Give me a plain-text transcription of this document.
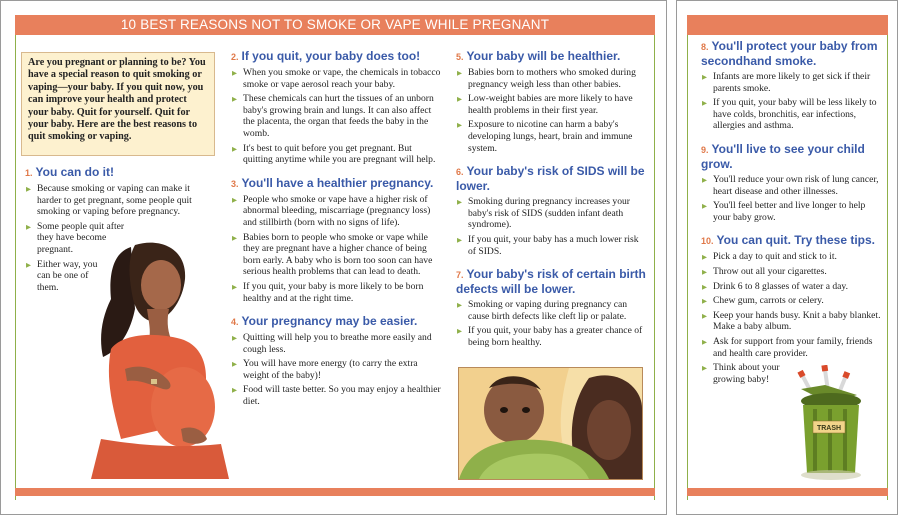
10 BEST REASONS NOT TO SMOKE OR VAPE WHILE PREGNANT
Are you pregnant or planning to be? You have a special reason to quit smoking or vaping—your baby. If you quit now, you can improve your health and protect your baby. Quit for yourself. Quit for your baby. Here are the best reasons to quit smoking or vaping.
1. You can do it!
▶ Because smoking or vaping can make it harder to get pregnant, some people quit smoking or vaping before pregnancy.
▶ Some people quit after they have become pregnant.
▶ Either way, you can be one of them.
2. If you quit, your baby does too!
▶ When you smoke or vape, the chemicals in tobacco smoke or vape aerosol reach your baby.
▶ These chemicals can hurt the tissues of an unborn baby's growing brain and lungs. It can also affect the placenta, the organ that feeds the baby in the womb.
▶ It's best to quit before you get pregnant. But quitting anytime while you are pregnant will help.
3. You'll have a healthier pregnancy.
▶ People who smoke or vape have a higher risk of abnormal bleeding, miscarriage (pregnancy loss) and stillbirth (born with no signs of life).
▶ Babies born to people who smoke or vape while they are pregnant have a higher chance of being born early. A baby who is born too soon can have serious health problems that can lead to death.
▶ If you quit, your baby is more likely to be born healthy and at the right time.
4. Your pregnancy may be easier.
▶ Quitting will help you to breathe more easily and cough less.
▶ You will have more energy (to carry the extra weight of the baby)!
▶ Food will taste better. So you may enjoy a healthier diet.
5. Your baby will be healthier.
▶ Babies born to mothers who smoked during pregnancy weigh less than other babies.
▶ Low-weight babies are more likely to have health problems in their first year.
▶ Exposure to nicotine can harm a baby's developing lungs, heart, brain and immune system.
6. Your baby's risk of SIDS will be lower.
▶ Smoking during pregnancy increases your baby's risk of SIDS (sudden infant death syndrome).
▶ If you quit, your baby has a much lower risk of SIDS.
7. Your baby's risk of certain birth defects will be lower.
▶ Smoking or vaping during pregnancy can cause birth defects like cleft lip or palate.
▶ If you quit, your baby has a greater chance of being born healthy.
8. You'll protect your baby from secondhand smoke.
▶ Infants are more likely to get sick if their parents smoke.
▶ If you quit, your baby will be less likely to have colds, bronchitis, ear infections, allergies and asthma.
9. You'll live to see your child grow.
▶ You'll reduce your own risk of lung cancer, heart disease and other illnesses.
▶ You'll feel better and live longer to help your baby grow.
10. You can quit. Try these tips.
▶ Pick a day to quit and stick to it.
▶ Throw out all your cigarettes.
▶ Drink 6 to 8 glasses of water a day.
▶ Chew gum, carrots or celery.
▶ Keep your hands busy. Knit a baby blanket. Make a baby album.
▶ Ask for support from your family, friends and health care provider.
▶ Think about your growing baby!
TRASH
